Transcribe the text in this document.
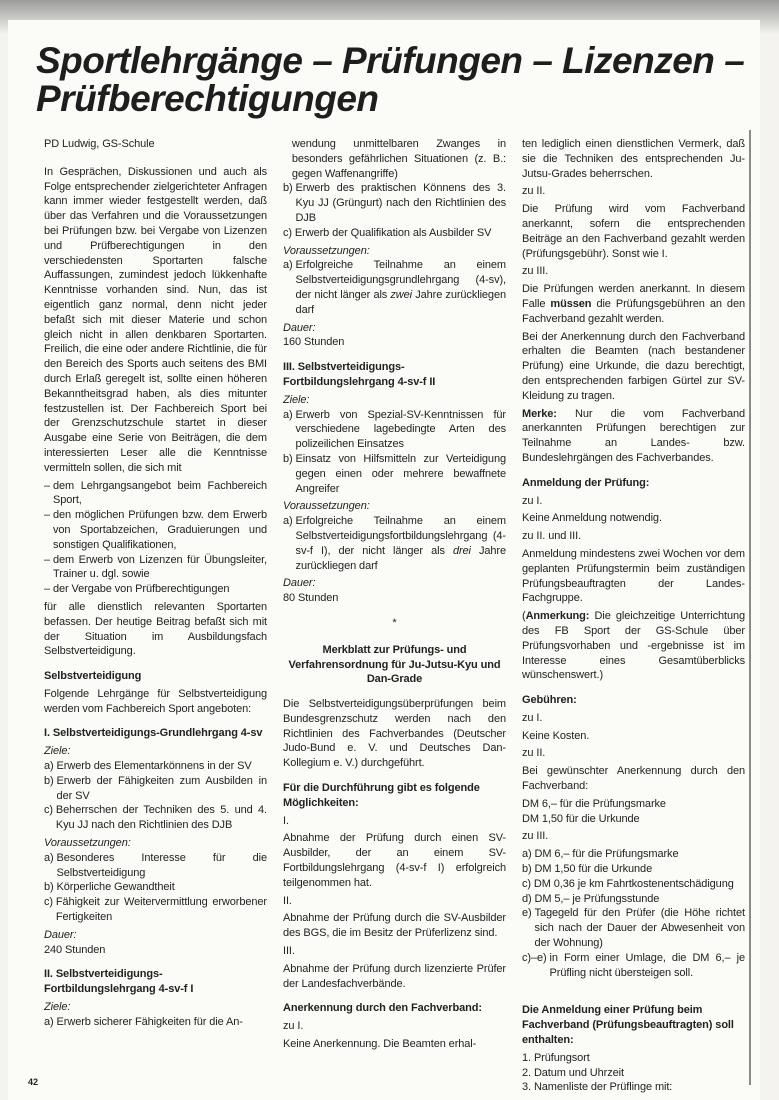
Sportlehrgänge – Prüfungen – Lizenzen – Prüfberechtigungen
PD Ludwig, GS-Schule
In Gesprächen, Diskussionen und auch als Folge entsprechender zielgerichteter Anfragen kann immer wieder festgestellt werden, daß über das Verfahren und die Voraussetzungen bei Prüfungen bzw. bei Vergabe von Lizenzen und Prüfberechtigungen in den verschiedensten Sportarten falsche Auffassungen, zumindest jedoch lükkenhafte Kenntnisse vorhanden sind. Nun, das ist eigentlich ganz normal, denn nicht jeder befaßt sich mit dieser Materie und schon gleich nicht in allen denkbaren Sportarten. Freilich, die eine oder andere Richtlinie, die für den Bereich des Sports auch seitens des BMI durch Erlaß geregelt ist, sollte einen höheren Bekanntheitsgrad haben, als dies mitunter festzustellen ist. Der Fachbereich Sport bei der Grenzschutzschule startet in dieser Ausgabe eine Serie von Beiträgen, die dem interessierten Leser alle die Kenntnisse vermitteln sollen, die sich mit
– dem Lehrgangsangebot beim Fachbereich Sport,
– den möglichen Prüfungen bzw. dem Erwerb von Sportabzeichen, Graduierungen und sonstigen Qualifikationen,
– dem Erwerb von Lizenzen für Übungsleiter, Trainer u. dgl. sowie
– der Vergabe von Prüfberechtigungen
für alle dienstlich relevanten Sportarten befassen. Der heutige Beitrag befaßt sich mit der Situation im Ausbildungsfach Selbstverteidigung.
Selbstverteidigung
Folgende Lehrgänge für Selbstverteidigung werden vom Fachbereich Sport angeboten:
I. Selbstverteidigungs-Grundlehrgang 4-sv
Ziele:
a) Erwerb des Elementarkönnens in der SV
b) Erwerb der Fähigkeiten zum Ausbilden in der SV
c) Beherrschen der Techniken des 5. und 4. Kyu JJ nach den Richtlinien des DJB
Voraussetzungen:
a) Besonderes Interesse für die Selbstverteidigung
b) Körperliche Gewandtheit
c) Fähigkeit zur Weitervermittlung erworbener Fertigkeiten
Dauer:
240 Stunden
II. Selbstverteidigungs-Fortbildungslehrgang 4-sv-f I
Ziele:
a) Erwerb sicherer Fähigkeiten für die An-

wendung unmittelbaren Zwanges in besonders gefährlichen Situationen (z. B.: gegen Waffenangriffe)
b) Erwerb des praktischen Könnens des 3. Kyu JJ (Grüngurt) nach den Richtlinien des DJB
c) Erwerb der Qualifikation als Ausbilder SV
Voraussetzungen:
a) Erfolgreiche Teilnahme an einem Selbstverteidigungsgrundlehrgang (4-sv), der nicht länger als zwei Jahre zurückliegen darf
Dauer:
160 Stunden
III. Selbstverteidigungs-Fortbildungslehrgang 4-sv-f II
Ziele:
a) Erwerb von Spezial-SV-Kenntnissen für verschiedene lagebedingte Arten des polizeilichen Einsatzes
b) Einsatz von Hilfsmitteln zur Verteidigung gegen einen oder mehrere bewaffnete Angreifer
Voraussetzungen:
a) Erfolgreiche Teilnahme an einem Selbstverteidigungsfortbildungslehrgang (4-sv-f I), der nicht länger als drei Jahre zurückliegen darf
Dauer:
80 Stunden
*
Merkblatt zur Prüfungs- und Verfahrensordnung für Ju-Jutsu-Kyu und Dan-Grade
Die Selbstverteidigungsüberprüfungen beim Bundesgrenzschutz werden nach den Richtlinien des Fachverbandes (Deutscher Judo-Bund e. V. und Deutsches Dan-Kollegium e. V.) durchgeführt.
Für die Durchführung gibt es folgende Möglichkeiten:
I.
Abnahme der Prüfung durch einen SV-Ausbilder, der an einem SV-Fortbildungslehrgang (4-sv-f I) erfolgreich teilgenommen hat.
II.
Abnahme der Prüfung durch die SV-Ausbilder des BGS, die im Besitz der Prüferlizenz sind.
III.
Abnahme der Prüfung durch lizenzierte Prüfer der Landesfachverbände.
Anerkennung durch den Fachverband:
zu I.
Keine Anerkennung. Die Beamten erhal-
ten lediglich einen dienstlichen Vermerk, daß sie die Techniken des entsprechenden Ju-Jutsu-Grades beherrschen.
zu II.
Die Prüfung wird vom Fachverband anerkannt, sofern die entsprechenden Beiträge an den Fachverband gezahlt werden (Prüfungsgebühr). Sonst wie I.
zu III.
Die Prüfungen werden anerkannt. In diesem Falle müssen die Prüfungsgebühren an den Fachverband gezahlt werden.
Bei der Anerkennung durch den Fachverband erhalten die Beamten (nach bestandener Prüfung) eine Urkunde, die dazu berechtigt, den entsprechenden farbigen Gürtel zur SV-Kleidung zu tragen.
Merke: Nur die vom Fachverband anerkannten Prüfungen berechtigen zur Teilnahme an Landes- bzw. Bundeslehrgängen des Fachverbandes.
Anmeldung der Prüfung:
zu I.
Keine Anmeldung notwendig.
zu II. und III.
Anmeldung mindestens zwei Wochen vor dem geplanten Prüfungstermin beim zuständigen Prüfungsbeauftragten der Landes-Fachgruppe.
(Anmerkung: Die gleichzeitige Unterrichtung des FB Sport der GS-Schule über Prüfungsvorhaben und -ergebnisse ist im Interesse eines Gesamtüberblicks wünschenswert.)
Gebühren:
zu I.
Keine Kosten.
zu II.
Bei gewünschter Anerkennung durch den Fachverband:
DM 6,– für die Prüfungsmarke
DM 1,50 für die Urkunde
zu III.
a) DM 6,– für die Prüfungsmarke
b) DM 1,50 für die Urkunde
c) DM 0,36 je km Fahrtkostenentschädigung
d) DM 5,– je Prüfungsstunde
e) Tagegeld für den Prüfer (die Höhe richtet sich nach der Dauer der Abwesenheit von der Wohnung)
c)–e) in Form einer Umlage, die DM 6,– je Prüfling nicht übersteigen soll.
Die Anmeldung einer Prüfung beim Fachverband (Prüfungsbeauftragten) soll enthalten:
1. Prüfungsort
2. Datum und Uhrzeit
3. Namenliste der Prüflinge mit:
42
